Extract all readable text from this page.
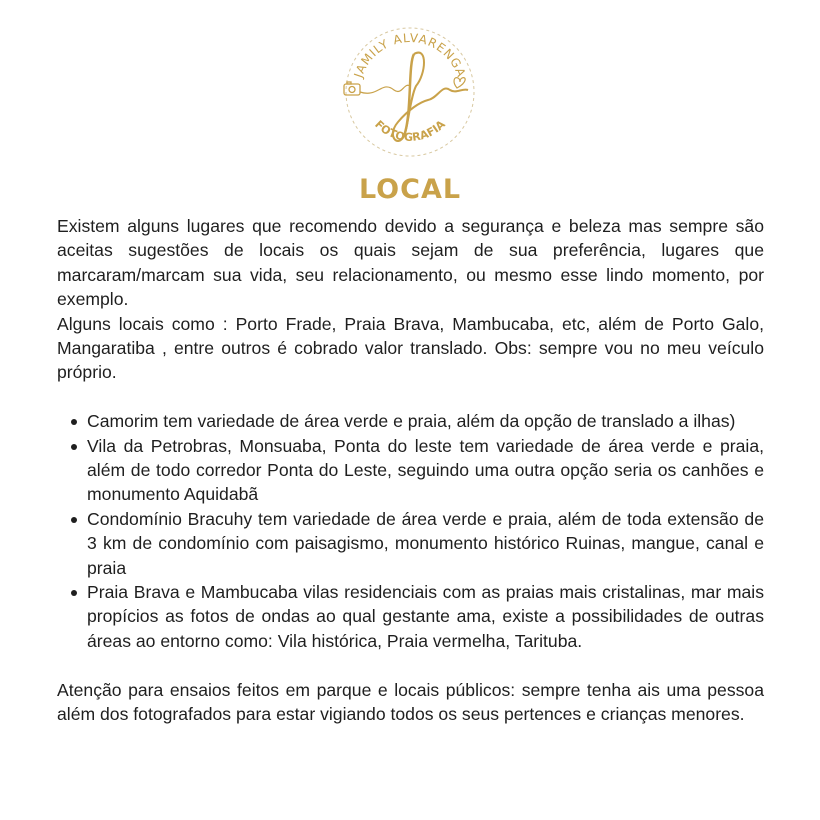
JAMILY ALVARENGA
FOTOGRAFIA
LOCAL

Existem alguns lugares que recomendo devido a segurança e beleza mas sempre são aceitas sugestões de locais os quais sejam de sua preferência, lugares que marcaram/marcam sua vida, seu relacionamento, ou mesmo esse lindo momento, por exemplo.

Alguns locais como : Porto Frade, Praia Brava, Mambucaba, etc, além de Porto Galo, Mangaratiba , entre outros é cobrado valor translado. Obs: sempre vou no meu veículo próprio.

Camorim tem variedade de área verde e praia, além da opção de translado a ilhas)
Vila da Petrobras, Monsuaba, Ponta do leste tem variedade de área verde e praia, além de todo corredor Ponta do Leste, seguindo uma outra opção seria os canhões e monumento Aquidabã
Condomínio Bracuhy tem variedade de área verde e praia, além de toda extensão de 3 km de condomínio com paisagismo, monumento histórico Ruinas, mangue, canal e praia
Praia Brava e Mambucaba vilas residenciais com as praias mais cristalinas, mar mais propícios as fotos de ondas ao qual gestante ama, existe a possibilidades de outras áreas ao entorno como: Vila histórica, Praia vermelha, Tarituba.

Atenção para ensaios feitos em parque e locais públicos: sempre tenha ais uma pessoa além dos fotografados para estar vigiando todos os seus pertences e crianças menores.
